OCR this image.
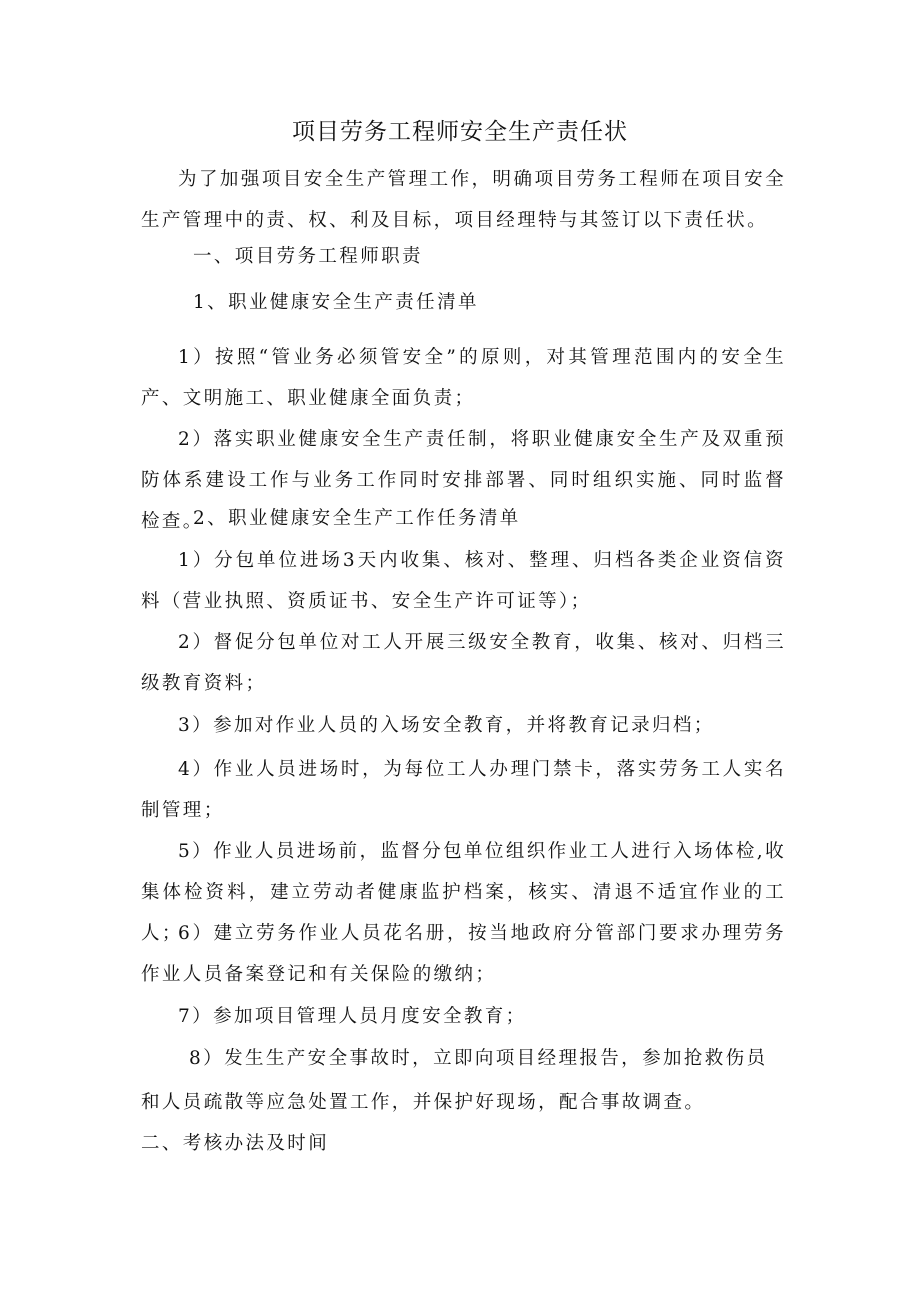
项目劳务工程师安全生产责任状

为了加强项目安全生产管理工作，明确项目劳务工程师在项目安全生产管理中的责、权、利及目标，项目经理特与其签订以下责任状。

一、项目劳务工程师职责

1、职业健康安全生产责任清单

1）按照“管业务必须管安全”的原则，对其管理范围内的安全生产、文明施工、职业健康全面负责；

2）落实职业健康安全生产责任制，将职业健康安全生产及双重预防体系建设工作与业务工作同时安排部署、同时组织实施、同时监督检查。

2、职业健康安全生产工作任务清单

1）分包单位进场3天内收集、核对、整理、归档各类企业资信资料（营业执照、资质证书、安全生产许可证等）；

2）督促分包单位对工人开展三级安全教育，收集、核对、归档三级教育资料；

3）参加对作业人员的入场安全教育，并将教育记录归档；

4）作业人员进场时，为每位工人办理门禁卡，落实劳务工人实名制管理；

5）作业人员进场前，监督分包单位组织作业工人进行入场体检,收集体检资料，建立劳动者健康监护档案，核实、清退不适宜作业的工人；

6）建立劳务作业人员花名册，按当地政府分管部门要求办理劳务作业人员备案登记和有关保险的缴纳；

7）参加项目管理人员月度安全教育；

8）发生生产安全事故时，立即向项目经理报告，参加抢救伤员

和人员疏散等应急处置工作，并保护好现场，配合事故调查。

二、考核办法及时间
